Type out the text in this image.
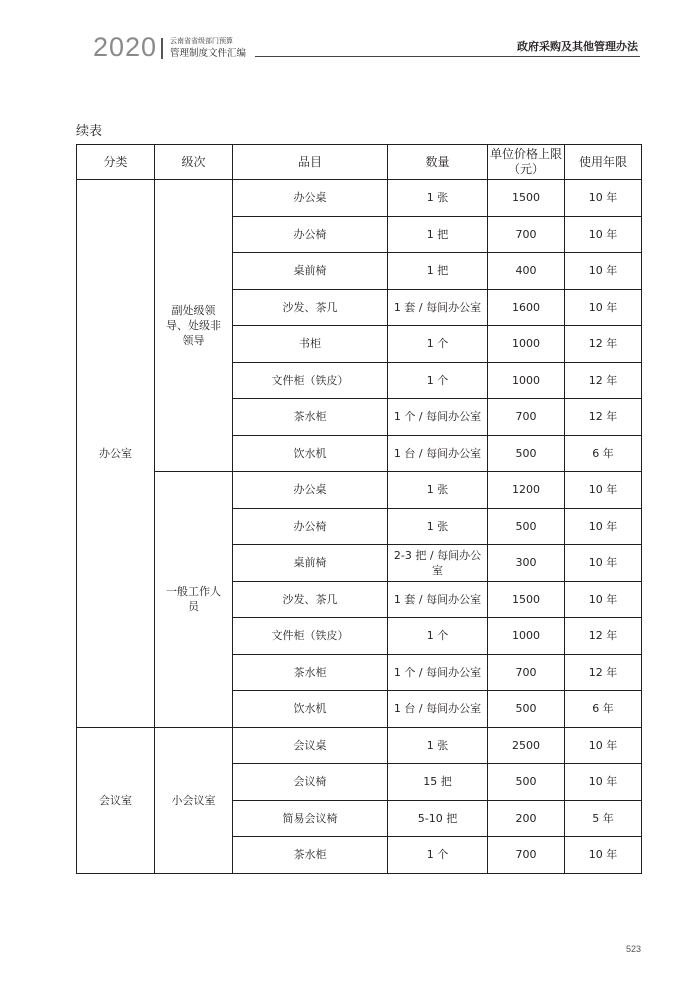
2020 云南省省级部门预算
管理制度文件汇编
政府采购及其他管理办法
续表
分类	级次	品目	数量	单位价格上限（元）	使用年限
办公室	副处级领导、处级非领导	办公桌	1 张	1500	10 年
		办公椅	1 把	700	10 年
		桌前椅	1 把	400	10 年
		沙发、茶几	1 套 / 每间办公室	1600	10 年
		书柜	1 个	1000	12 年
		文件柜（铁皮）	1 个	1000	12 年
		茶水柜	1 个 / 每间办公室	700	12 年
		饮水机	1 台 / 每间办公室	500	6 年
	一般工作人员	办公桌	1 张	1200	10 年
		办公椅	1 张	500	10 年
		桌前椅	2-3 把 / 每间办公室	300	10 年
		沙发、茶几	1 套 / 每间办公室	1500	10 年
		文件柜（铁皮）	1 个	1000	12 年
		茶水柜	1 个 / 每间办公室	700	12 年
		饮水机	1 台 / 每间办公室	500	6 年
会议室	小会议室	会议桌	1 张	2500	10 年
		会议椅	15 把	500	10 年
		简易会议椅	5-10 把	200	5 年
		茶水柜	1 个	700	10 年
523
